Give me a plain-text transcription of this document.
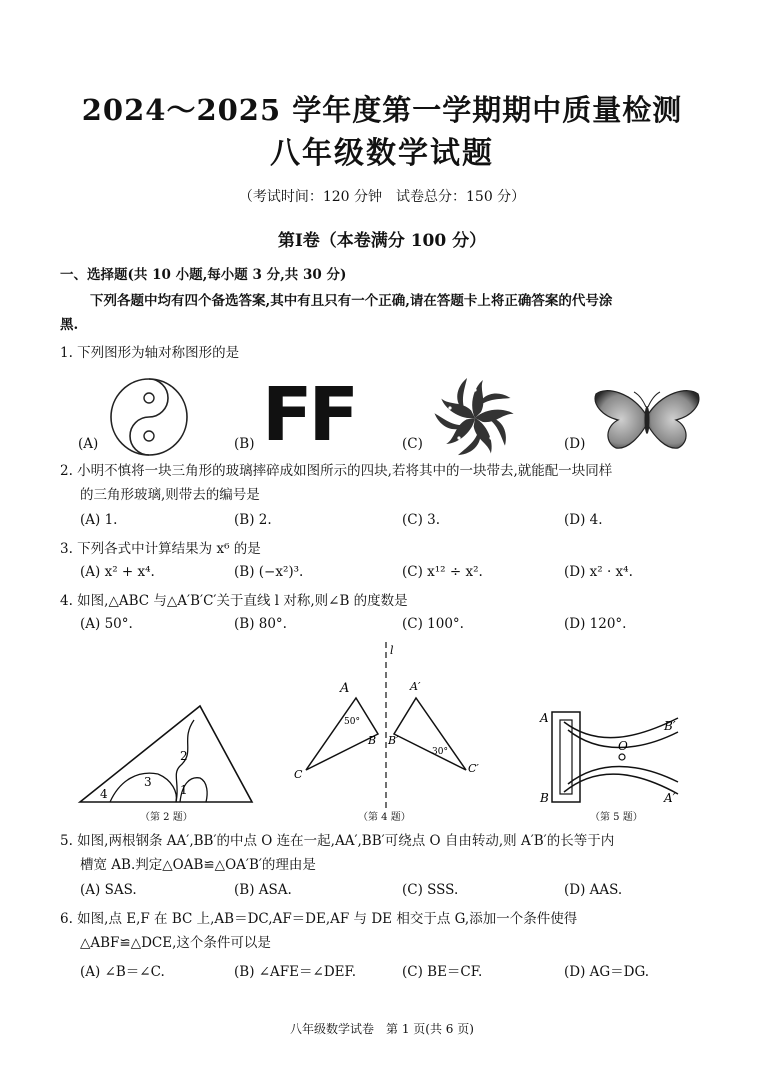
2024～2025 学年度第一学期期中质量检测
八年级数学试题
（考试时间：120 分钟　试卷总分：150 分）
第Ⅰ卷（本卷满分 100 分）
一、选择题(共 10 小题,每小题 3 分,共 30 分)
下列各题中均有四个备选答案,其中有且只有一个正确,请在答题卡上将正确答案的代号涂
黑.
1. 下列图形为轴对称图形的是
(A)	(B) FF	(C)	(D)
2. 小明不慎将一块三角形的玻璃摔碎成如图所示的四块,若将其中的一块带去,就能配一块同样
的三角形玻璃,则带去的编号是
(A) 1.	(B) 2.	(C) 3.	(D) 4.
3. 下列各式中计算结果为 x⁶ 的是
(A) x² + x⁴.	(B) (−x²)³.	(C) x¹² ÷ x².	(D) x² · x⁴.
4. 如图,△ABC 与△A′B′C′关于直线 l 对称,则∠B 的度数是
(A) 50°.	(B) 80°.	(C) 100°.	(D) 120°.
1
2
3
4
（第 2 题）
l
A
B
C
A′
B′
C′
50°
30°
（第 4 题）
A
B
B′
A′
O
（第 5 题）
5. 如图,两根钢条 AA′,BB′的中点 O 连在一起,AA′,BB′可绕点 O 自由转动,则 A′B′的长等于内
槽宽 AB.判定△OAB≌△OA′B′的理由是
(A) SAS.	(B) ASA.	(C) SSS.	(D) AAS.
6. 如图,点 E,F 在 BC 上,AB＝DC,AF＝DE,AF 与 DE 相交于点 G,添加一个条件使得
△ABF≌△DCE,这个条件可以是
(A) ∠B＝∠C.	(B) ∠AFE＝∠DEF.	(C) BE＝CF.	(D) AG＝DG.
八年级数学试卷　第 1 页(共 6 页)
